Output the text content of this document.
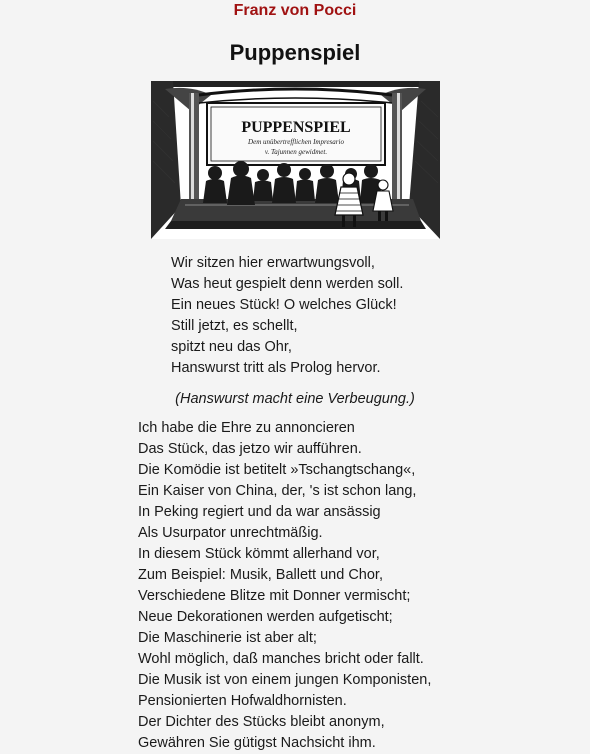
Franz von Pocci
Puppenspiel
PUPPENSPIEL
Dem unübertrefflichen Impresario
v. Tajunnen gewidmet.
Wir sitzen hier erwartwungsvoll,
Was heut gespielt denn werden soll.
Ein neues Stück! O welches Glück!
Still jetzt, es schellt,
spitzt neu das Ohr,
Hanswurst tritt als Prolog hervor.
(Hanswurst macht eine Verbeugung.)
Ich habe die Ehre zu annoncieren
Das Stück, das jetzo wir aufführen.
Die Komödie ist betitelt »Tschangtschang«,
Ein Kaiser von China, der, 's ist schon lang,
In Peking regiert und da war ansässig
Als Usurpator unrechtmäßig.
In diesem Stück kömmt allerhand vor,
Zum Beispiel: Musik, Ballett und Chor,
Verschiedene Blitze mit Donner vermischt;
Neue Dekorationen werden aufgetischt;
Die Maschinerie ist aber alt;
Wohl möglich, daß manches bricht oder fallt.
Die Musik ist von einem jungen Komponisten,
Pensionierten Hofwaldhornisten.
Der Dichter des Stücks bleibt anonym,
Gewähren Sie gütigst Nachsicht ihm.
